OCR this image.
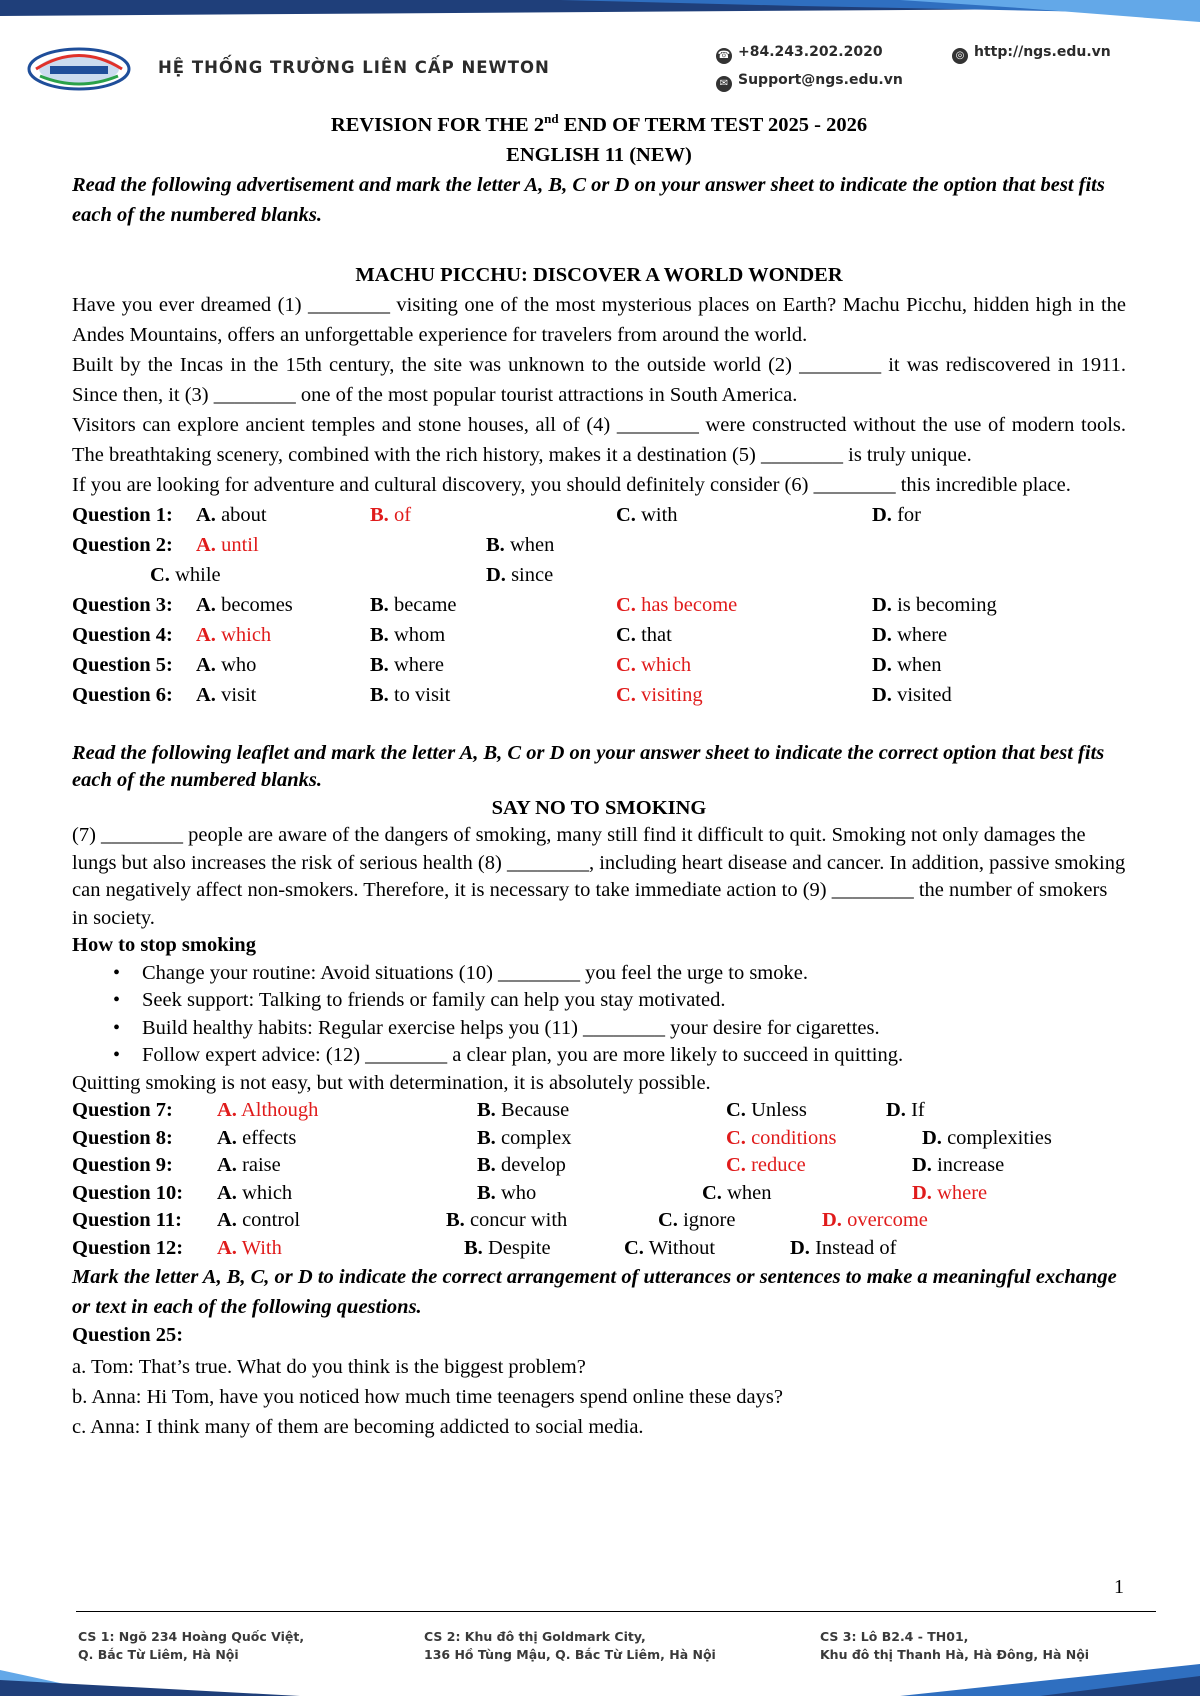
HỆ THỐNG TRƯỜNG LIÊN CẤP NEWTON
☎ +84.243.202.2020	◎ http://ngs.edu.vn
✉ Support@ngs.edu.vn
REVISION FOR THE 2nd END OF TERM TEST 2025 - 2026
ENGLISH 11 (NEW)
Read the following advertisement and mark the letter A, B, C or D on your answer sheet to indicate the option that best fits each of the numbered blanks.
MACHU PICCHU: DISCOVER A WORLD WONDER
Have you ever dreamed (1) ________ visiting one of the most mysterious places on Earth? Machu Picchu, hidden high in the Andes Mountains, offers an unforgettable experience for travelers from around the world.
Built by the Incas in the 15th century, the site was unknown to the outside world (2) ________ it was rediscovered in 1911. Since then, it (3) ________ one of the most popular tourist attractions in South America.
Visitors can explore ancient temples and stone houses, all of (4) ________ were constructed without the use of modern tools. The breathtaking scenery, combined with the rich history, makes it a destination (5) ________ is truly unique.
If you are looking for adventure and cultural discovery, you should definitely consider (6) ________ this incredible place.
Question 1: A. about	B. of	C. with	D. for
Question 2: A. until	B. when
C. while	D. since
Question 3: A. becomes	B. became	C. has become	D. is becoming
Question 4: A. which	B. whom	C. that	D. where
Question 5: A. who	B. where	C. which	D. when
Question 6: A. visit	B. to visit	C. visiting	D. visited
Read the following leaflet and mark the letter A, B, C or D on your answer sheet to indicate the correct option that best fits each of the numbered blanks.
SAY NO TO SMOKING
(7) ________ people are aware of the dangers of smoking, many still find it difficult to quit. Smoking not only damages the lungs but also increases the risk of serious health (8) ________, including heart disease and cancer. In addition, passive smoking can negatively affect non-smokers. Therefore, it is necessary to take immediate action to (9) ________ the number of smokers in society.
How to stop smoking
• Change your routine: Avoid situations (10) ________ you feel the urge to smoke.
• Seek support: Talking to friends or family can help you stay motivated.
• Build healthy habits: Regular exercise helps you (11) ________ your desire for cigarettes.
• Follow expert advice: (12) ________ a clear plan, you are more likely to succeed in quitting.
Quitting smoking is not easy, but with determination, it is absolutely possible.
Question 7: A. Although	B. Because	C. Unless	D. If
Question 8: A. effects	B. complex	C. conditions	D. complexities
Question 9: A. raise	B. develop	C. reduce	D. increase
Question 10: A. which	B. who	C. when	D. where
Question 11: A. control	B. concur with	C. ignore	D. overcome
Question 12: A. With	B. Despite	C. Without	D. Instead of
Mark the letter A, B, C, or D to indicate the correct arrangement of utterances or sentences to make a meaningful exchange or text in each of the following questions.
Question 25:
a. Tom: That’s true. What do you think is the biggest problem?
b. Anna: Hi Tom, have you noticed how much time teenagers spend online these days?
c. Anna: I think many of them are becoming addicted to social media.
1
CS 1: Ngõ 234 Hoàng Quốc Việt,
Q. Bắc Từ Liêm, Hà Nội
CS 2: Khu đô thị Goldmark City,
136 Hồ Tùng Mậu, Q. Bắc Từ Liêm, Hà Nội
CS 3: Lô B2.4 - TH01,
Khu đô thị Thanh Hà, Hà Đông, Hà Nội
